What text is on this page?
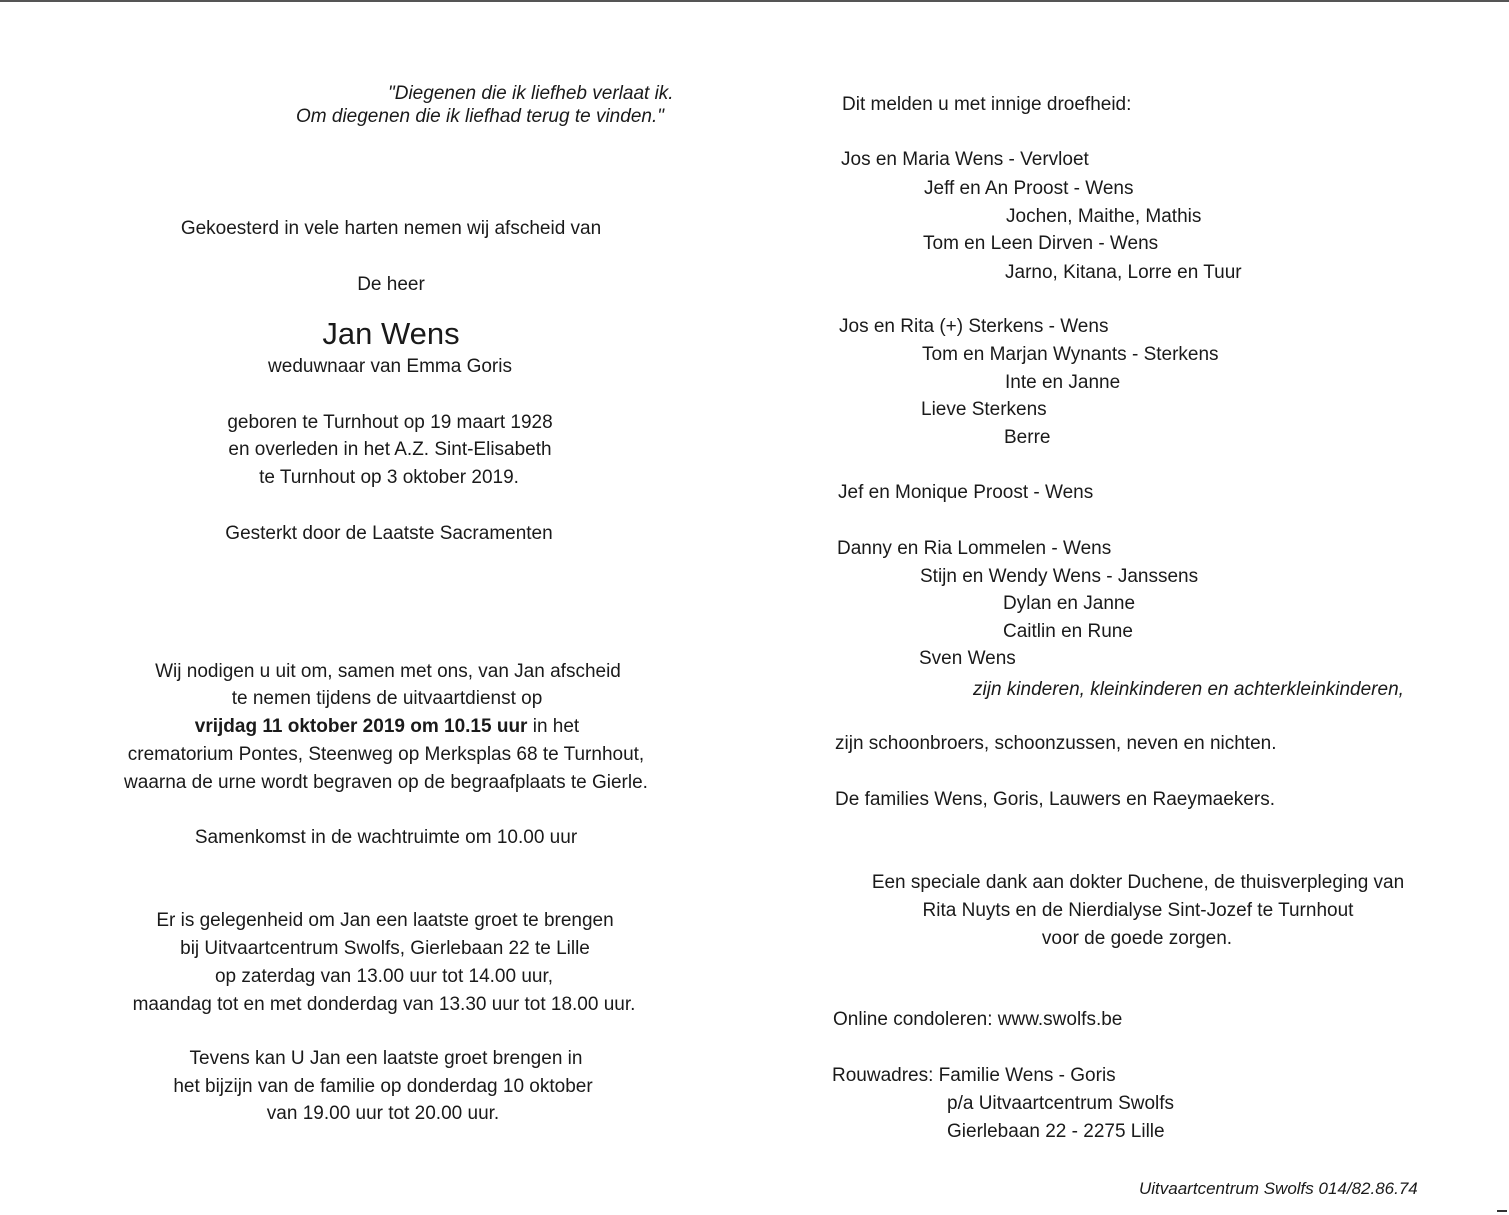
"Diegenen die ik liefheb verlaat ik.
Om diegenen die ik liefhad terug te vinden."
Gekoesterd in vele harten nemen wij afscheid van
De heer
Jan Wens
weduwnaar van Emma Goris
geboren te Turnhout op 19 maart 1928
en overleden in het A.Z. Sint-Elisabeth
te Turnhout op 3 oktober 2019.
Gesterkt door de Laatste Sacramenten
Wij nodigen u uit om, samen met ons, van Jan afscheid
te nemen tijdens de uitvaartdienst op
vrijdag 11 oktober 2019 om 10.15 uur in het
crematorium Pontes, Steenweg op Merksplas 68 te Turnhout,
waarna de urne wordt begraven op de begraafplaats te Gierle.
Samenkomst in de wachtruimte om 10.00 uur
Er is gelegenheid om Jan een laatste groet te brengen
bij Uitvaartcentrum Swolfs, Gierlebaan 22 te Lille
op zaterdag van 13.00 uur tot 14.00 uur,
maandag tot en met donderdag van 13.30 uur tot 18.00 uur.
Tevens kan U Jan een laatste groet brengen in
het bijzijn van de familie op donderdag 10 oktober
van 19.00 uur tot 20.00 uur.
Dit melden u met innige droefheid:
Jos en Maria Wens - Vervloet
Jeff en An Proost - Wens
Jochen, Maithe, Mathis
Tom en Leen Dirven - Wens
Jarno, Kitana, Lorre en Tuur
Jos en Rita (+) Sterkens - Wens
Tom en Marjan Wynants - Sterkens
Inte en Janne
Lieve Sterkens
Berre
Jef en Monique Proost - Wens
Danny en Ria Lommelen - Wens
Stijn en Wendy Wens - Janssens
Dylan en Janne
Caitlin en Rune
Sven Wens
zijn kinderen, kleinkinderen en achterkleinkinderen,
zijn schoonbroers, schoonzussen, neven en nichten.
De families Wens, Goris, Lauwers en Raeymaekers.
Een speciale dank aan dokter Duchene, de thuisverpleging van
Rita Nuyts en de Nierdialyse Sint-Jozef te Turnhout
voor de goede zorgen.
Online condoleren: www.swolfs.be
Rouwadres: Familie Wens - Goris
p/a Uitvaartcentrum Swolfs
Gierlebaan 22 - 2275 Lille
Uitvaartcentrum Swolfs 014/82.86.74
